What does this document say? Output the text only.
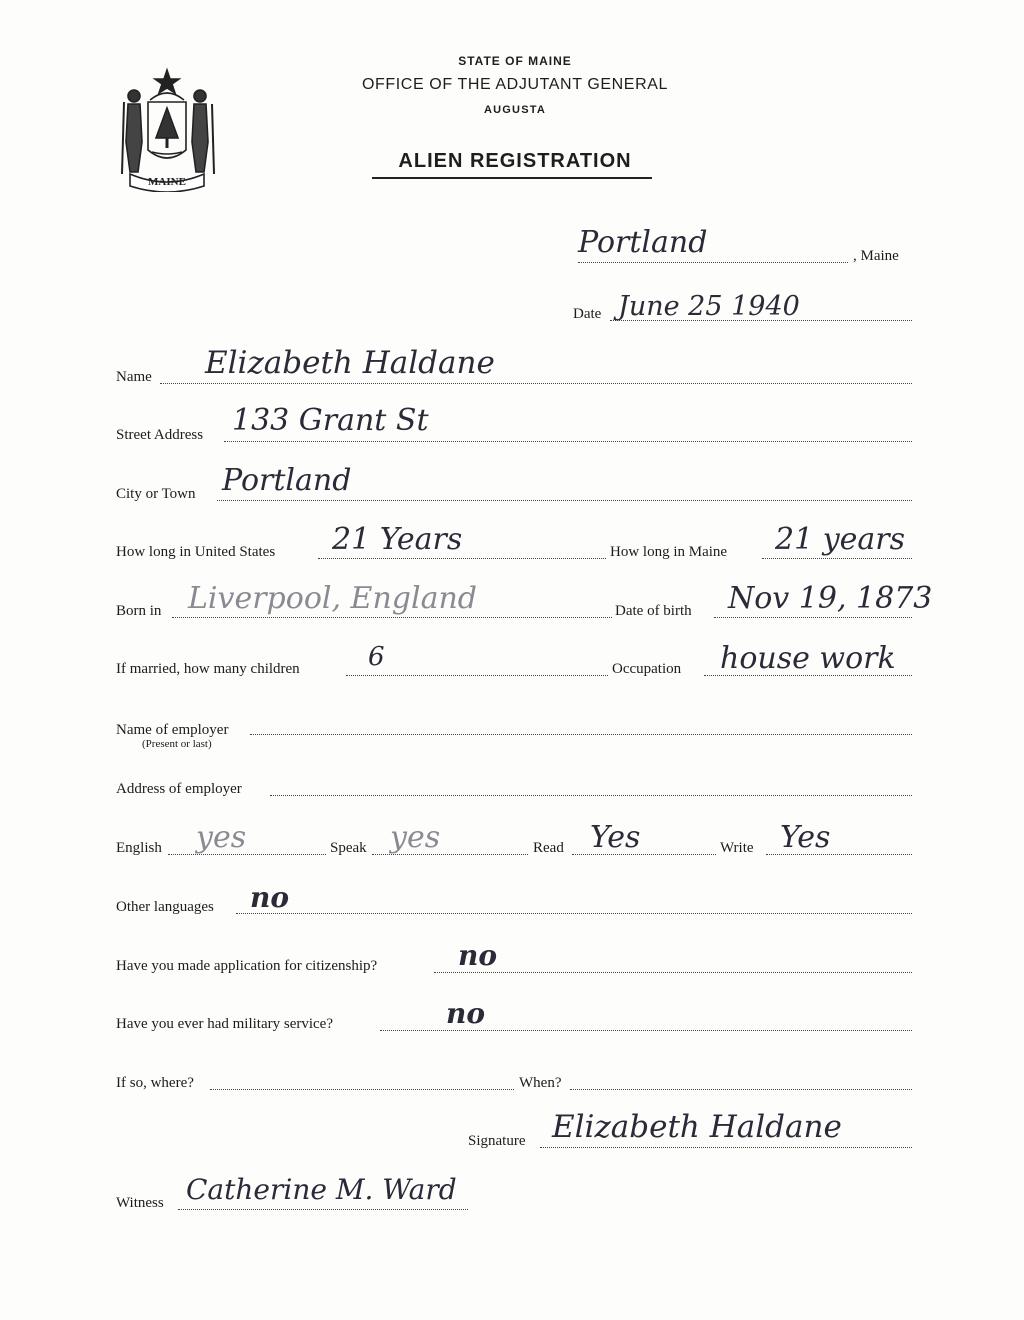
MAINE
STATE OF MAINE
OFFICE OF THE ADJUTANT GENERAL
AUGUSTA
ALIEN REGISTRATION
Portland	, Maine
Date June 25 1940
Name Elizabeth Haldane
Street Address 133 Grant St
City or Town Portland
How long in United States 21 Years	How long in Maine 21 years
Born in Liverpool, England	Date of birth Nov 19, 1873
If married, how many children	6	Occupation house work
Name of employer
(Present or last)
Address of employer
English yes	Speak yes	Read Yes	Write Yes
Other languages no
Have you made application for citizenship?	no
Have you ever had military service?	no
If so, where?	When?
Signature Elizabeth Haldane
Witness Catherine M. Ward
